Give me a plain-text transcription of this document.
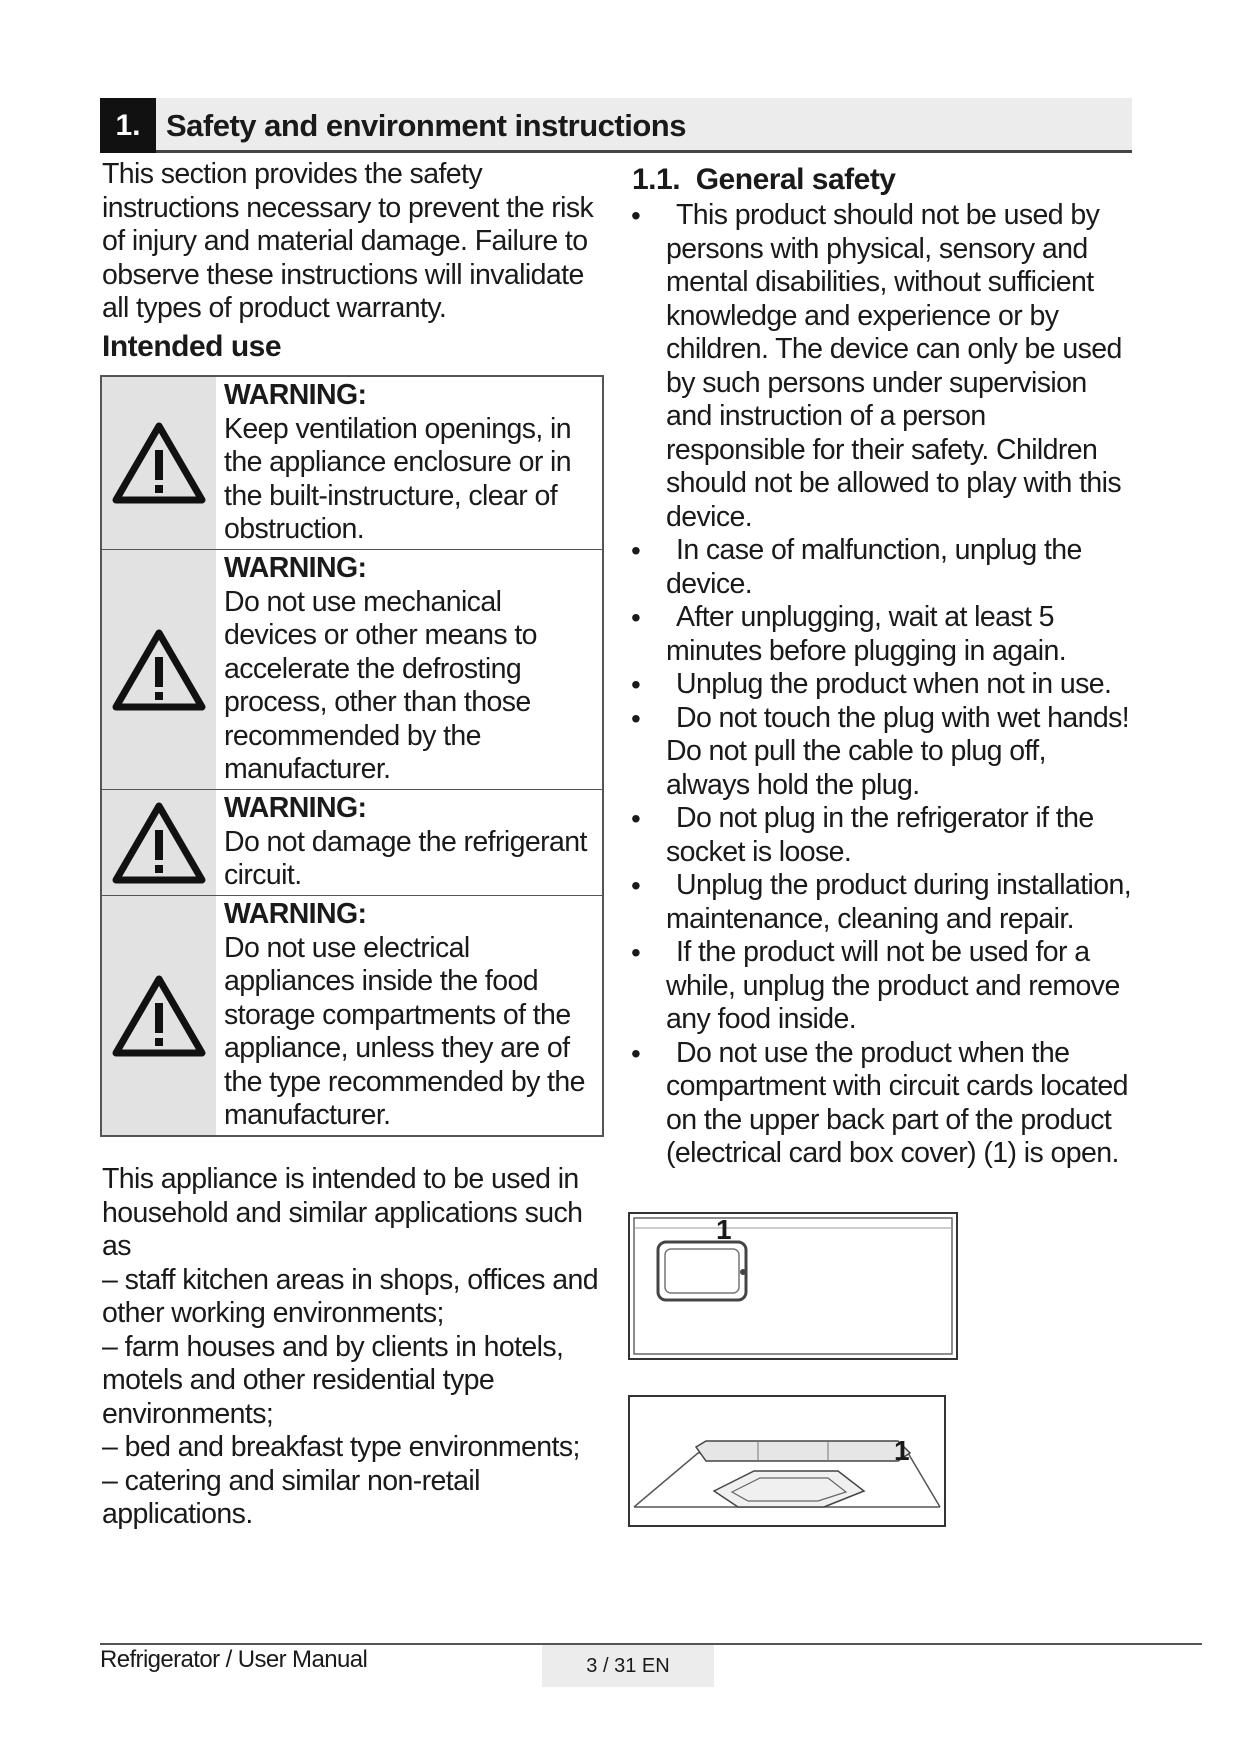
1. Safety and environment instructions
This section provides the safety instructions necessary to prevent the risk of injury and material damage. Failure to observe these instructions will invalidate all types of product warranty.
Intended use
WARNING:
Keep ventilation openings, in the appliance enclosure or in the built-instructure, clear of obstruction.
WARNING:
Do not use mechanical devices or other means to accelerate the defrosting process, other than those recommended by the manufacturer.
WARNING:
Do not damage the refrigerant circuit.
WARNING:
Do not use electrical appliances inside the food storage compartments of the appliance, unless they are of the type recommended by the manufacturer.
This appliance is intended to be used in household and similar applications such as
– staff kitchen areas in shops, offices and other working environments;
– farm houses and by clients in hotels, motels and other residential type environments;
– bed and breakfast type environments;
– catering and similar non-retail applications.
1.1. General safety
• This product should not be used by persons with physical, sensory and mental disabilities, without sufficient knowledge and experience or by children. The device can only be used by such persons under supervision and instruction of a person responsible for their safety. Children should not be allowed to play with this device.
• In case of malfunction, unplug the device.
• After unplugging, wait at least 5 minutes before plugging in again.
• Unplug the product when not in use.
• Do not touch the plug with wet hands! Do not pull the cable to plug off, always hold the plug.
• Do not plug in the refrigerator if the socket is loose.
• Unplug the product during installation, maintenance, cleaning and repair.
• If the product will not be used for a while, unplug the product and remove any food inside.
• Do not use the product when the compartment with circuit cards located on the upper back part of the product (electrical card box cover) (1) is open.
1
1
Refrigerator / User Manual	3 / 31 EN
